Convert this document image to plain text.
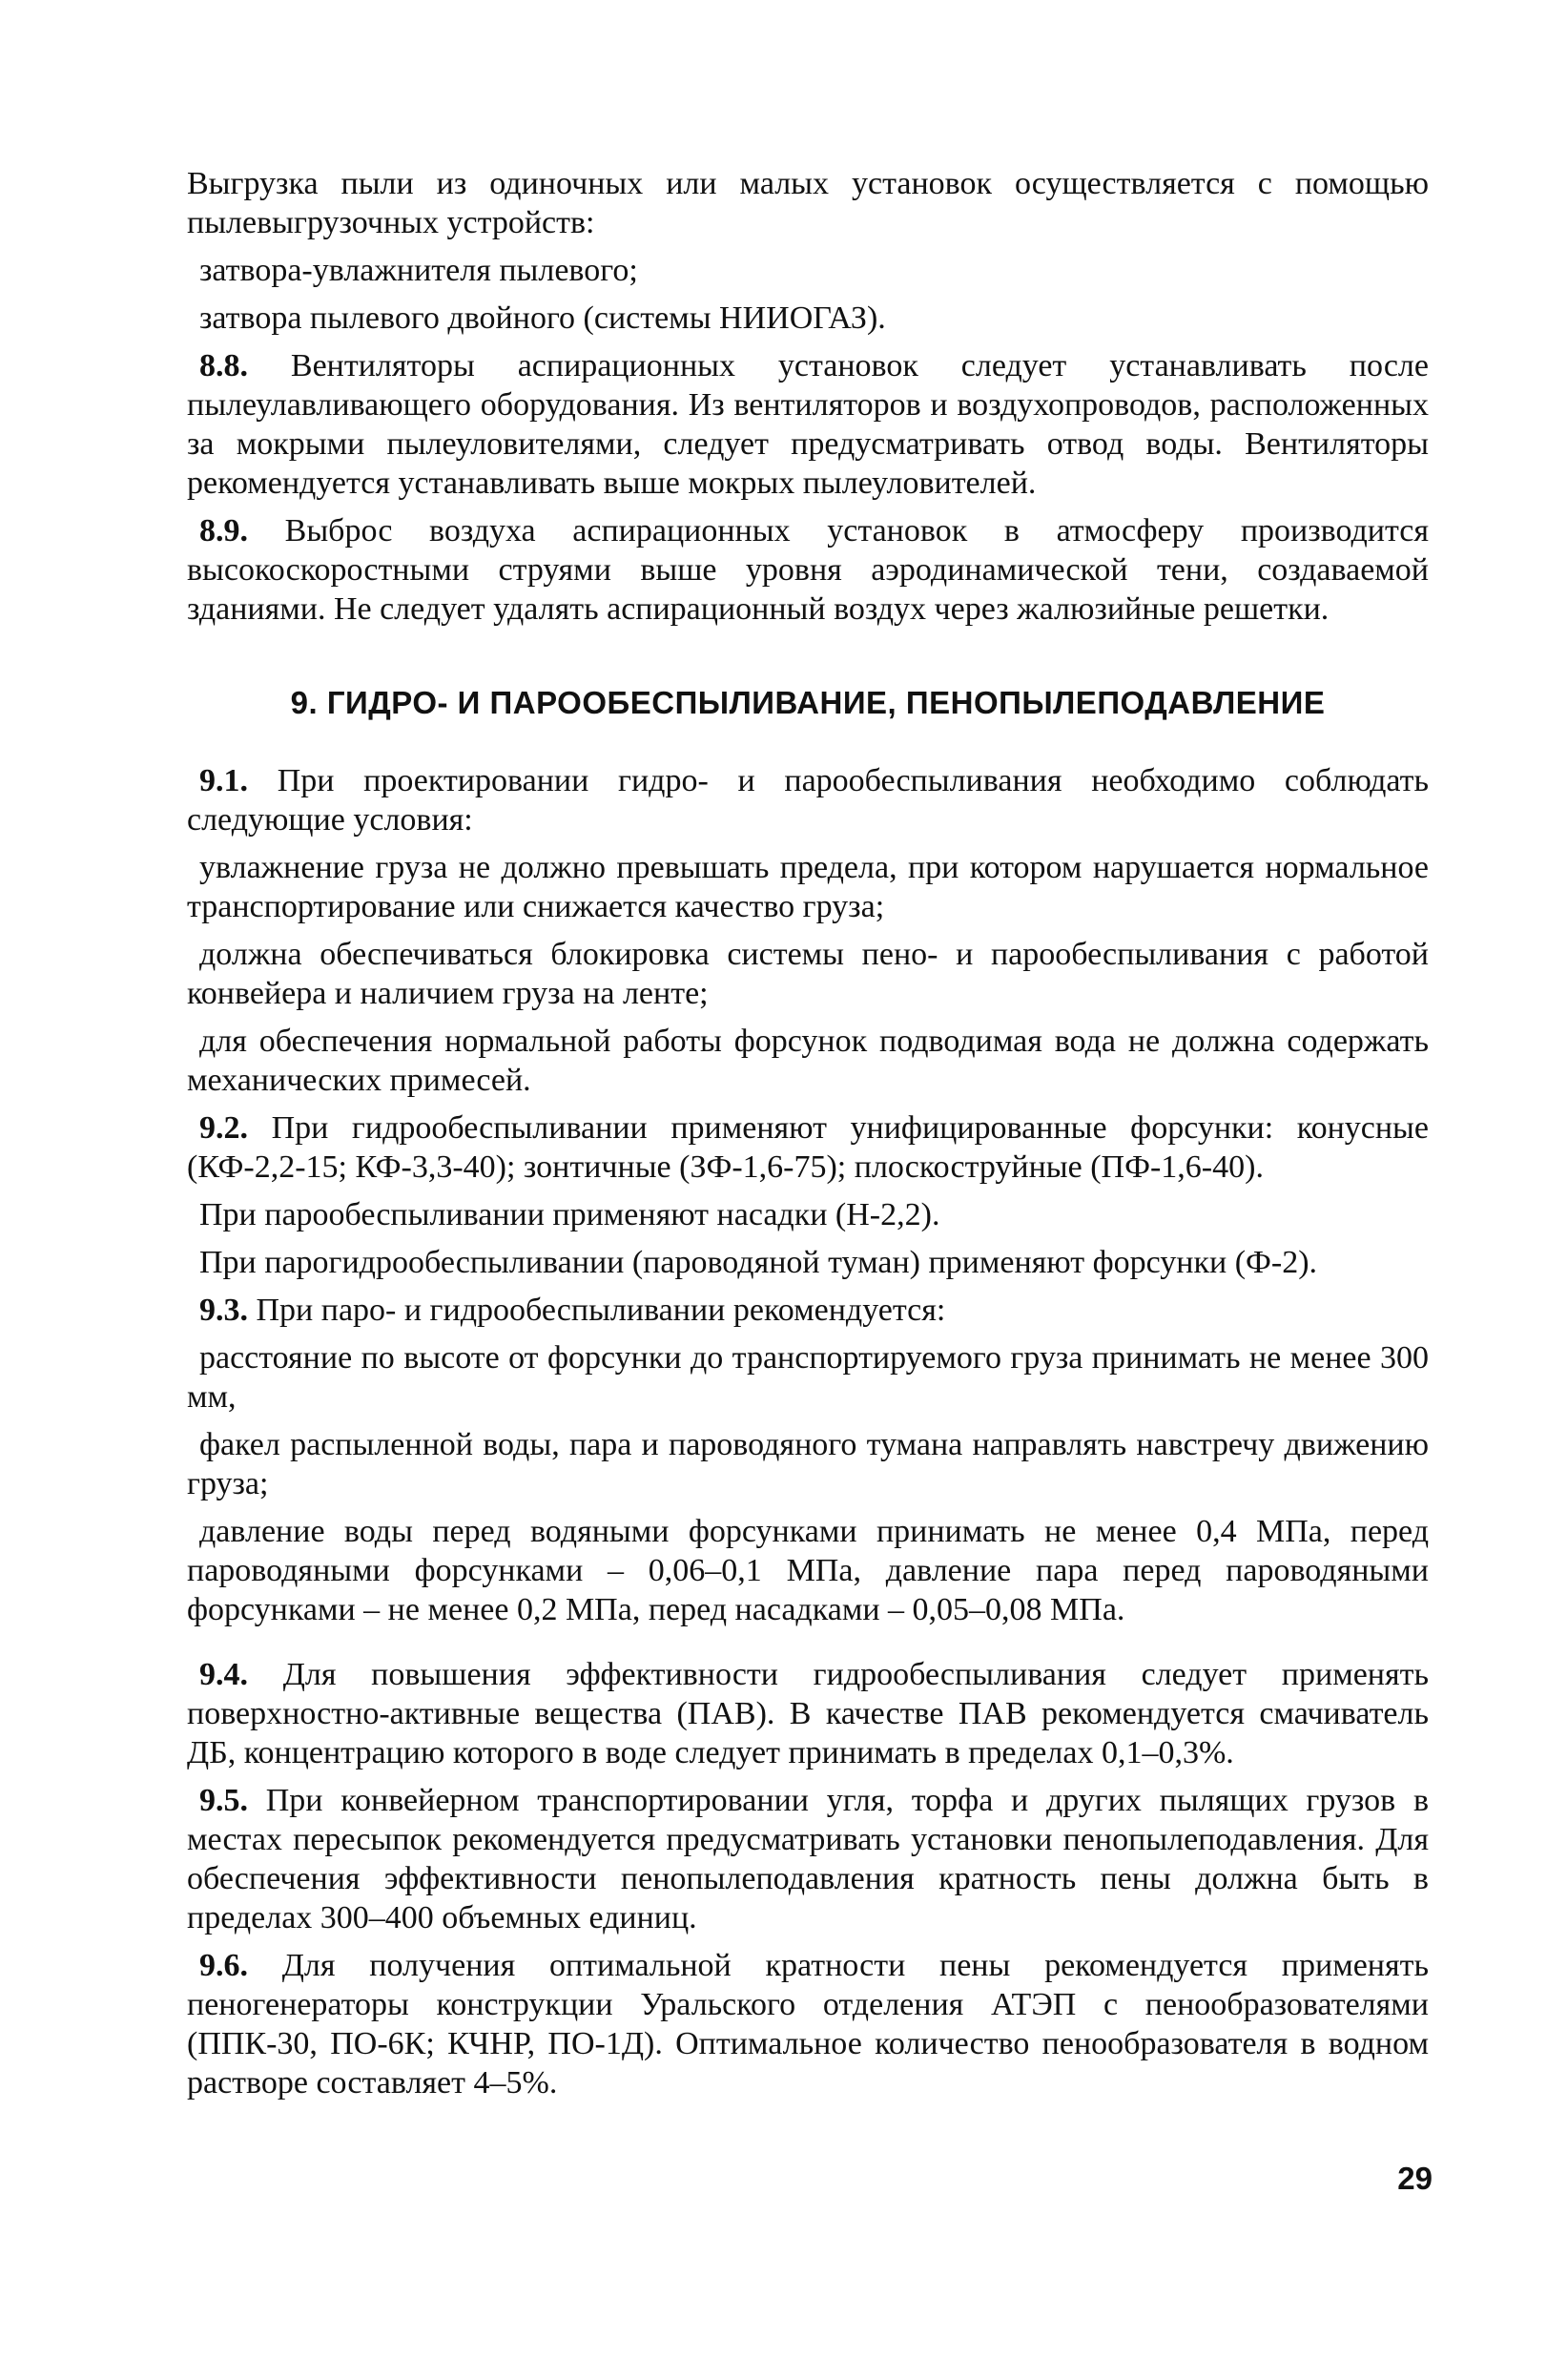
Выгрузка пыли из одиночных или малых установок осуществляется с помощью пылевыгрузочных устройств:

затвора-увлажнителя пылевого;

затвора пылевого двойного (системы НИИОГАЗ).

8.8. Вентиляторы аспирационных установок следует устанавливать после пылеулавливающего оборудования. Из вентиляторов и воздухопроводов, расположенных за мокрыми пылеуловителями, следует предусматривать отвод воды. Вентиляторы рекомендуется устанавливать выше мокрых пылеуловителей.

8.9. Выброс воздуха аспирационных установок в атмосферу производится высокоскоростными струями выше уровня аэродинамической тени, создаваемой зданиями. Не следует удалять аспирационный воздух через жалюзийные решетки.

9. ГИДРО- И ПАРООБЕСПЫЛИВАНИЕ, ПЕНОПЫЛЕПОДАВЛЕНИЕ

9.1. При проектировании гидро- и парообеспыливания необходимо соблюдать следующие условия:

увлажнение груза не должно превышать предела, при котором нарушается нормальное транспортирование или снижается качество груза;

должна обеспечиваться блокировка системы пено- и парообеспыливания с работой конвейера и наличием груза на ленте;

для обеспечения нормальной работы форсунок подводимая вода не должна содержать механических примесей.

9.2. При гидрообеспыливании применяют унифицированные форсунки: конусные (КФ-2,2-15; КФ-3,3-40); зонтичные (ЗФ-1,6-75); плоскоструйные (ПФ-1,6-40).

При парообеспыливании применяют насадки (Н-2,2).

При парогидрообеспыливании (пароводяной туман) применяют форсунки (Ф-2).

9.3. При паро- и гидрообеспыливании рекомендуется:

расстояние по высоте от форсунки до транспортируемого груза принимать не менее 300 мм,

факел распыленной воды, пара и пароводяного тумана направлять навстречу движению груза;

давление воды перед водяными форсунками принимать не менее 0,4 МПа, перед пароводяными форсунками – 0,06–0,1 МПа, давление пара перед пароводяными форсунками – не менее 0,2 МПа, перед насадками – 0,05–0,08 МПа.

9.4. Для повышения эффективности гидрообеспыливания следует применять поверхностно-активные вещества (ПАВ). В качестве ПАВ рекомендуется смачиватель ДБ, концентрацию которого в воде следует принимать в пределах 0,1–0,3%.

9.5. При конвейерном транспортировании угля, торфа и других пылящих грузов в местах пересыпок рекомендуется предусматривать установки пенопылеподавления. Для обеспечения эффективности пенопылеподавления кратность пены должна быть в пределах 300–400 объемных единиц.

9.6. Для получения оптимальной кратности пены рекомендуется применять пеногенераторы конструкции Уральского отделения АТЭП с пенообразователями (ППК-30, ПО-6К; КЧНР, ПО-1Д). Оптимальное количество пенообразователя в водном растворе составляет 4–5%.

29
